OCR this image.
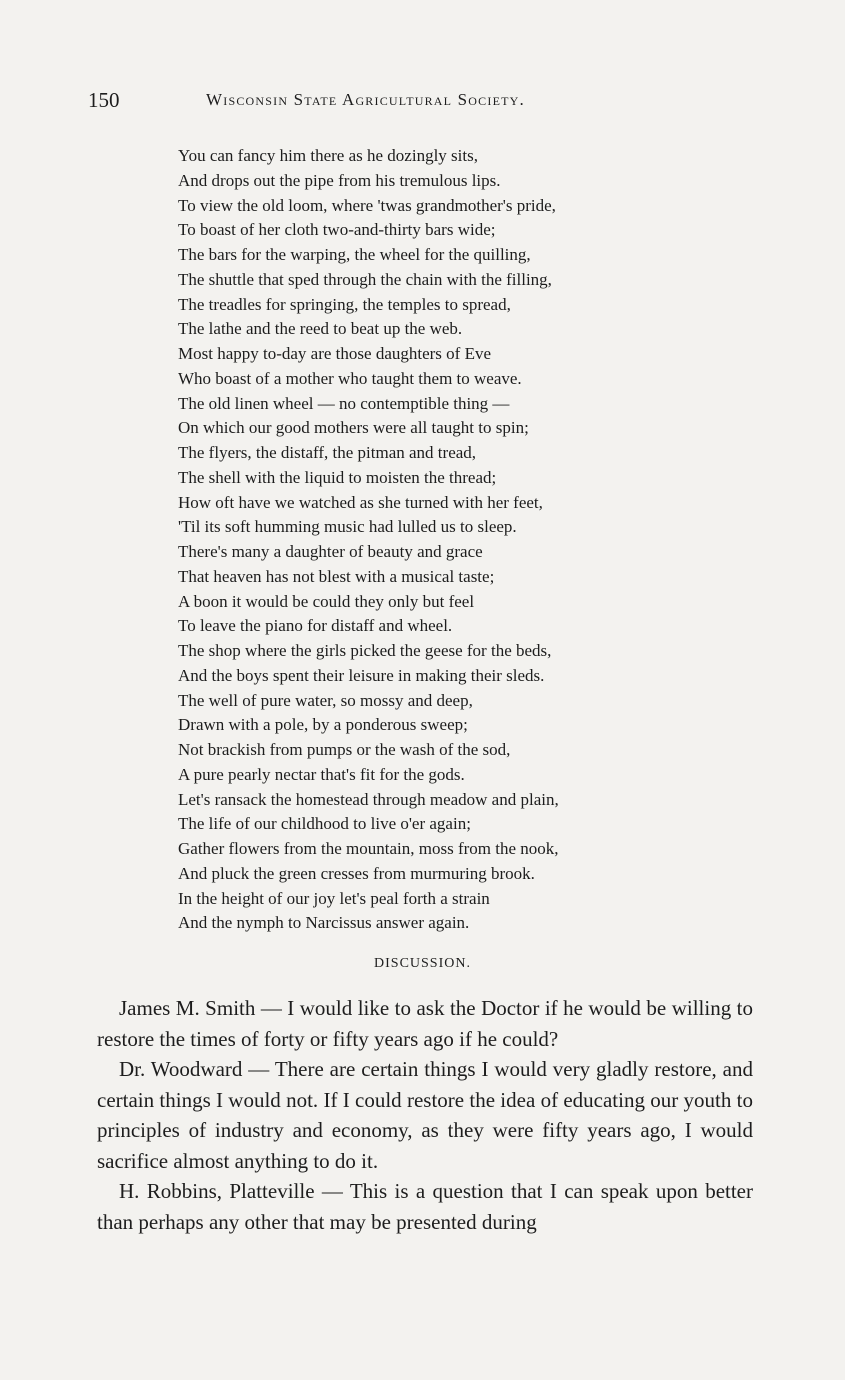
150	Wisconsin State Agricultural Society.
You can fancy him there as he dozingly sits,
And drops out the pipe from his tremulous lips.
To view the old loom, where 'twas grandmother's pride,
To boast of her cloth two-and-thirty bars wide;
The bars for the warping, the wheel for the quilling,
The shuttle that sped through the chain with the filling,
The treadles for springing, the temples to spread,
The lathe and the reed to beat up the web.
Most happy to-day are those daughters of Eve
Who boast of a mother who taught them to weave.
The old linen wheel — no contemptible thing —
On which our good mothers were all taught to spin;
The flyers, the distaff, the pitman and tread,
The shell with the liquid to moisten the thread;
How oft have we watched as she turned with her feet,
'Til its soft humming music had lulled us to sleep.
There's many a daughter of beauty and grace
That heaven has not blest with a musical taste;
A boon it would be could they only but feel
To leave the piano for distaff and wheel.
The shop where the girls picked the geese for the beds,
And the boys spent their leisure in making their sleds.
The well of pure water, so mossy and deep,
Drawn with a pole, by a ponderous sweep;
Not brackish from pumps or the wash of the sod,
A pure pearly nectar that's fit for the gods.
Let's ransack the homestead through meadow and plain,
The life of our childhood to live o'er again;
Gather flowers from the mountain, moss from the nook,
And pluck the green cresses from murmuring brook.
In the height of our joy let's peal forth a strain
And the nymph to Narcissus answer again.
DISCUSSION.

James M. Smith — I would like to ask the Doctor if he would be willing to restore the times of forty or fifty years ago if he could?

Dr. Woodward — There are certain things I would very gladly restore, and certain things I would not. If I could restore the idea of educating our youth to principles of industry and economy, as they were fifty years ago, I would sacrifice almost anything to do it.

H. Robbins, Platteville — This is a question that I can speak upon better than perhaps any other that may be presented during
